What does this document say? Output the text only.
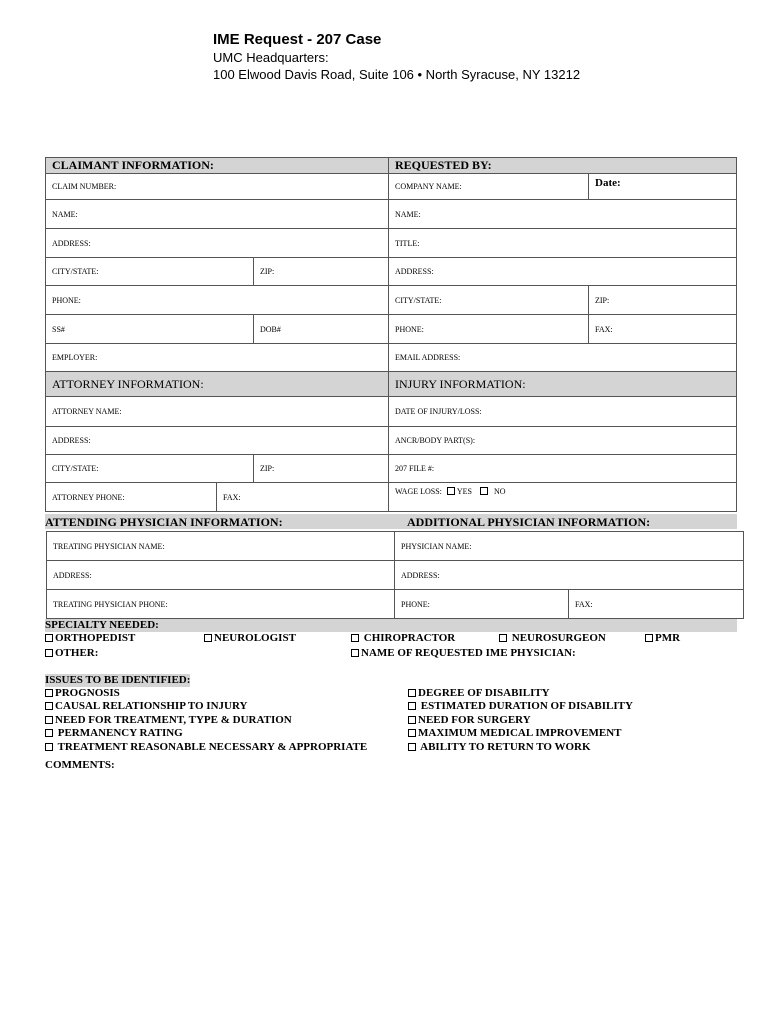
IME Request - 207 Case
UMC Headquarters:
100 Elwood Davis Road, Suite 106 • North Syracuse, NY 13212
CLAIMANT INFORMATION:			REQUESTED BY:	
CLAIM NUMBER:			COMPANY NAME:	Date:
NAME:			NAME:	
ADDRESS:			TITLE:	
CITY/STATE:		ZIP:	ADDRESS:	
PHONE:			CITY/STATE:	ZIP:
SS#		DOB#	PHONE:	FAX:
EMPLOYER:			EMAIL ADDRESS:	
ATTORNEY INFORMATION:			INJURY INFORMATION:	
ATTORNEY NAME:			DATE OF INJURY/LOSS:	
ADDRESS:			ANCR/BODY PART(S):	
CITY/STATE:		ZIP:	207 FILE #:	
ATTORNEY PHONE:	FAX:		WAGE LOSS: YES NO	
ATTENDING PHYSICIAN INFORMATION:	ADDITIONAL PHYSICIAN INFORMATION:
TREATING PHYSICIAN NAME:	PHYSICIAN NAME:	
ADDRESS:	ADDRESS:	
TREATING PHYSICIAN PHONE:	PHONE:	FAX:
SPECIALTY NEEDED:
ORTHOPEDIST	NEUROLOGIST	CHIROPRACTOR	NEUROSURGEON	PMR
OTHER:	NAME OF REQUESTED IME PHYSICIAN:
ISSUES TO BE IDENTIFIED:
PROGNOSIS
CAUSAL RELATIONSHIP TO INJURY
NEED FOR TREATMENT, TYPE & DURATION
PERMANENCY RATING
TREATMENT REASONABLE NECESSARY & APPROPRIATE
DEGREE OF DISABILITY
ESTIMATED DURATION OF DISABILITY
NEED FOR SURGERY
MAXIMUM MEDICAL IMPROVEMENT
ABILITY TO RETURN TO WORK
COMMENTS:
